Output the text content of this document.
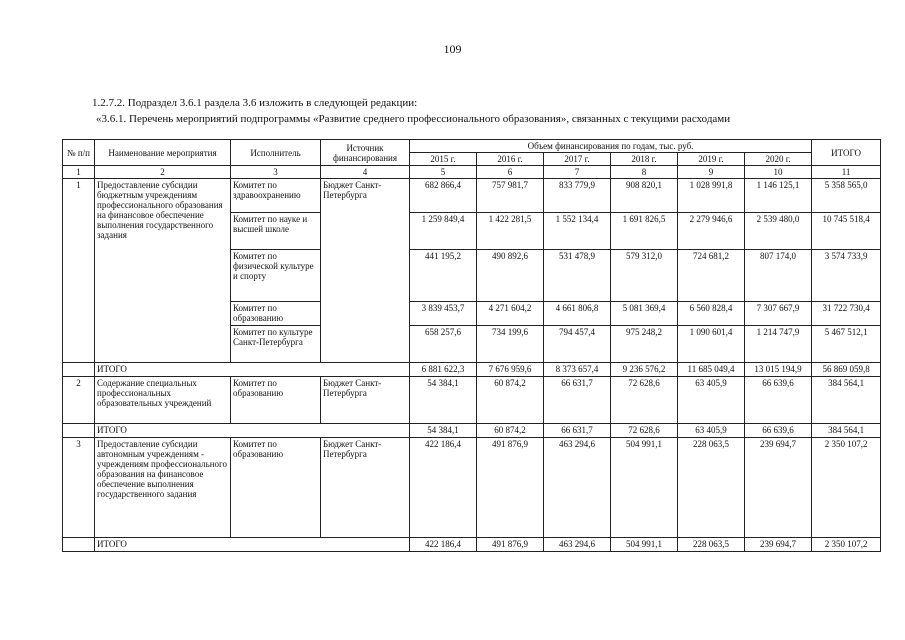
109
1.2.7.2. Подраздел 3.6.1 раздела 3.6 изложить в следующей редакции:
«3.6.1. Перечень мероприятий подпрограммы «Развитие среднего профессионального образования», связанных с текущими расходами
№ п/п	Наименование мероприятия	Исполнитель	Источник финансирования	Объем финансирования по годам, тыс. руб.						ИТОГО
				2015 г.	2016 г.	2017 г.	2018 г.	2019 г.	2020 г.	
1	2	3	4	5	6	7	8	9	10	11
1	Предоставление субсидии бюджетным учреждениям профессионального образования на финансовое обеспечение выполнения государственного задания	Комитет по здравоохранению	Бюджет Санкт-Петербурга	682 866,4	757 981,7	833 779,9	908 820,1	1 028 991,8	1 146 125,1	5 358 565,0
		Комитет по науке и высшей школе		1 259 849,4	1 422 281,5	1 552 134,4	1 691 826,5	2 279 946,6	2 539 480,0	10 745 518,4
		Комитет по физической культуре и спорту		441 195,2	490 892,6	531 478,9	579 312,0	724 681,2	807 174,0	3 574 733,9
		Комитет по образованию		3 839 453,7	4 271 604,2	4 661 806,8	5 081 369,4	6 560 828,4	7 307 667,9	31 722 730,4
		Комитет по культуре Санкт-Петербурга		658 257,6	734 199,6	794 457,4	975 248,2	1 090 601,4	1 214 747,9	5 467 512,1
	ИТОГО			6 881 622,3	7 676 959,6	8 373 657,4	9 236 576,2	11 685 049,4	13 015 194,9	56 869 059,8
2	Содержание специальных профессиональных образовательных учреждений	Комитет по образованию	Бюджет Санкт-Петербурга	54 384,1	60 874,2	66 631,7	72 628,6	63 405,9	66 639,6	384 564,1
	ИТОГО			54 384,1	60 874,2	66 631,7	72 628,6	63 405,9	66 639,6	384 564,1
3	Предоставление субсидии автономным учреждениям - учреждениям профессионального образования на финансовое обеспечение выполнения государственного задания	Комитет по образованию	Бюджет Санкт-Петербурга	422 186,4	491 876,9	463 294,6	504 991,1	228 063,5	239 694,7	2 350 107,2
	ИТОГО			422 186,4	491 876,9	463 294,6	504 991,1	228 063,5	239 694,7	2 350 107,2
